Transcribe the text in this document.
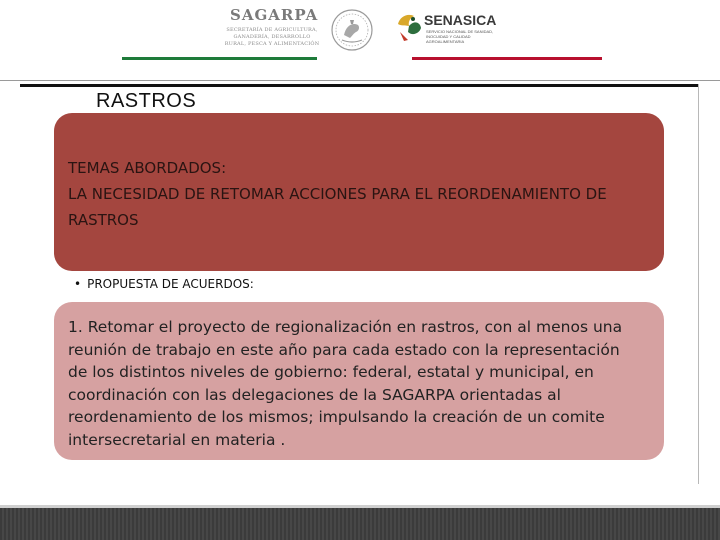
SAGARPA
SECRETARÍA DE AGRICULTURA, GANADERÍA, DESARROLLO RURAL, PESCA Y ALIMENTACIÓN
SENASICA
SERVICIO NACIONAL DE SANIDAD, INOCUIDAD Y CALIDAD AGROALIMENTARIA
RASTROS
TEMAS ABORDADOS:
LA NECESIDAD DE RETOMAR ACCIONES PARA EL REORDENAMIENTO DE
RASTROS
• PROPUESTA DE ACUERDOS:

1. Retomar el proyecto de regionalización en rastros, con al menos una

reunión de trabajo en este año para cada estado con la representación

de los distintos niveles de gobierno: federal, estatal y municipal, en

coordinación con las delegaciones de la SAGARPA orientadas al

reordenamiento de los mismos; impulsando la creación de un comite

intersecretarial en materia .
